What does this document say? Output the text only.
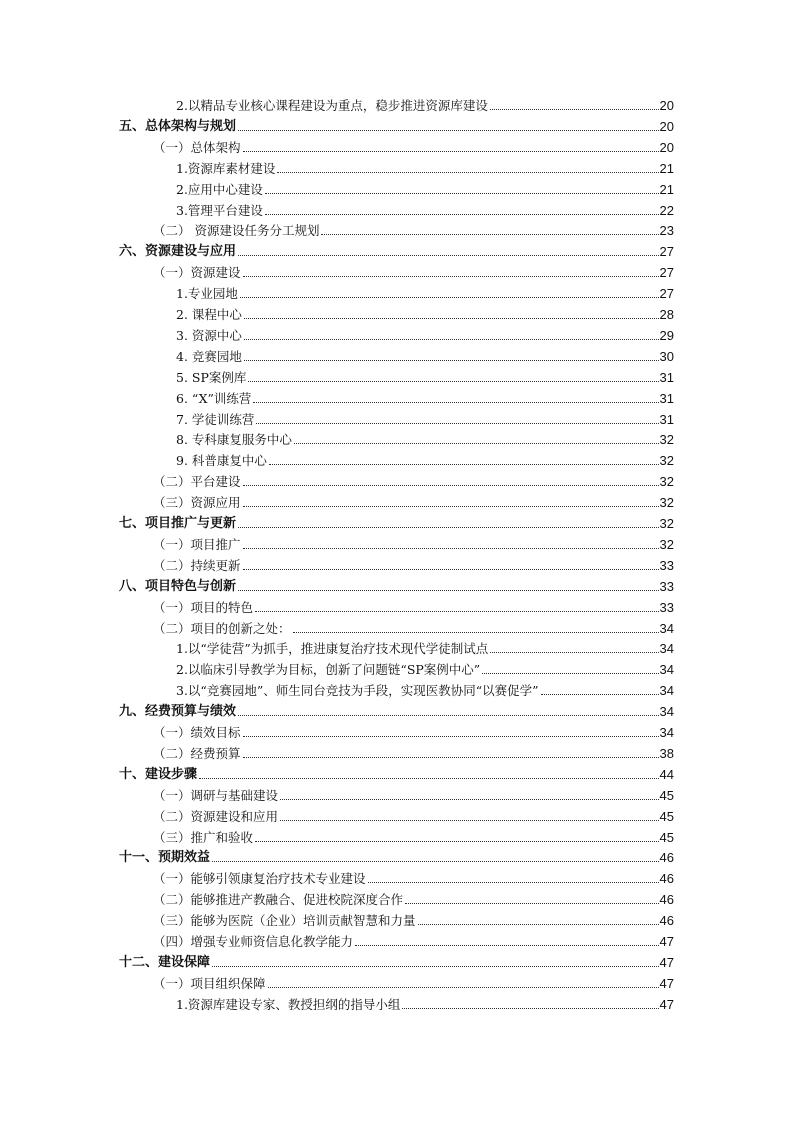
2.以精品专业核心课程建设为重点，稳步推进资源库建设	20
五、总体架构与规划	20
（一）总体架构	20
1.资源库素材建设	21
2.应用中心建设	21
3.管理平台建设	22
（二） 资源建设任务分工规划	23
六、资源建设与应用	27
（一）资源建设	27
1.专业园地	27
2. 课程中心	28
3. 资源中心	29
4. 竞赛园地	30
5. SP案例库	31
6. “X”训练营	31
7. 学徒训练营	31
8. 专科康复服务中心	32
9. 科普康复中心	32
（二）平台建设	32
（三）资源应用	32
七、项目推广与更新	32
（一）项目推广	32
（二）持续更新	33
八、项目特色与创新	33
（一）项目的特色	33
（二）项目的创新之处：	34
1.以“学徒营”为抓手，推进康复治疗技术现代学徒制试点	34
2.以临床引导教学为目标，创新了问题链“SP案例中心”	34
3.以“竞赛园地”、师生同台竞技为手段，实现医教协同“以赛促学”	34
九、经费预算与绩效	34
（一）绩效目标	34
（二）经费预算	38
十、建设步骤	44
（一）调研与基础建设	45
（二）资源建设和应用	45
（三）推广和验收	45
十一、预期效益	46
（一）能够引领康复治疗技术专业建设	46
（二）能够推进产教融合、促进校院深度合作	46
（三）能够为医院（企业）培训贡献智慧和力量	46
（四）增强专业师资信息化教学能力	47
十二、建设保障	47
（一）项目组织保障	47
1.资源库建设专家、教授担纲的指导小组	47
